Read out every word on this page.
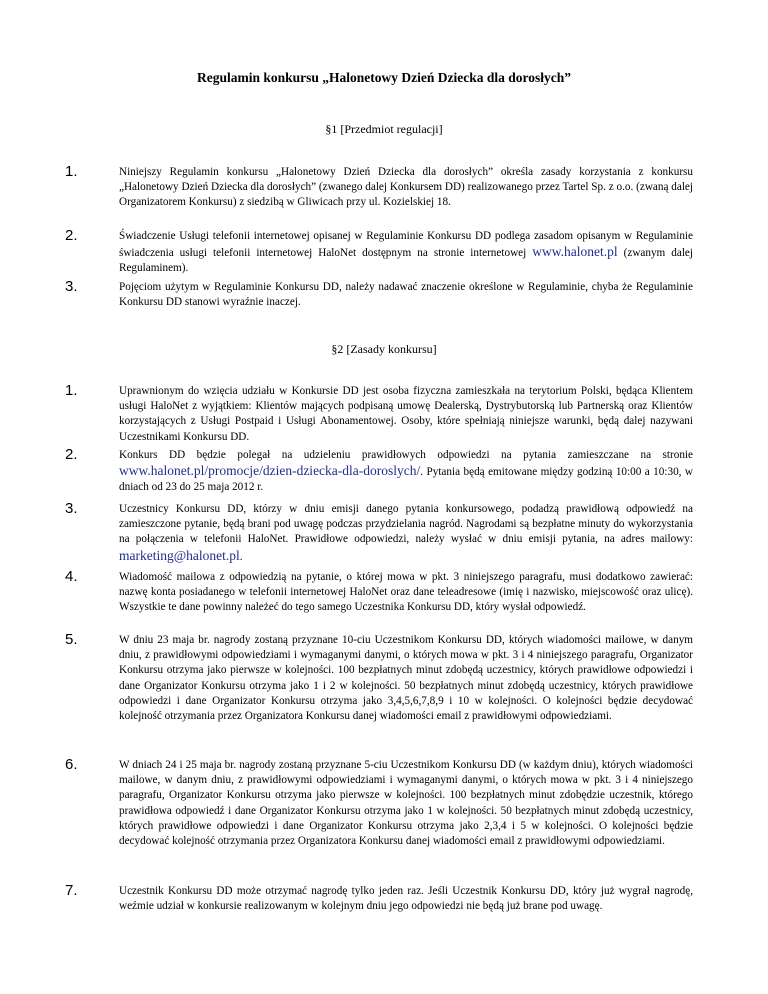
Regulamin konkursu „Halonetowy Dzień Dziecka dla dorosłych”
§1 [Przedmiot regulacji]
1.	Niniejszy Regulamin konkursu „Halonetowy Dzień Dziecka dla dorosłych” określa zasady korzystania z konkursu „Halonetowy Dzień Dziecka dla dorosłych” (zwanego dalej Konkursem DD) realizowanego przez Tartel Sp. z o.o. (zwaną dalej Organizatorem Konkursu) z siedzibą w Gliwicach przy ul. Kozielskiej 18.
2.	Świadczenie Usługi telefonii internetowej opisanej w Regulaminie Konkursu DD podlega zasadom opisanym w Regulaminie świadczenia usługi telefonii internetowej HaloNet dostępnym na stronie internetowej www.halonet.pl (zwanym dalej Regulaminem).
3.	Pojęciom użytym w Regulaminie Konkursu DD, należy nadawać znaczenie określone w Regulaminie, chyba że Regulaminie Konkursu DD stanowi wyraźnie inaczej.
§2 [Zasady konkursu]
1.	Uprawnionym do wzięcia udziału w Konkursie DD jest osoba fizyczna zamieszkała na terytorium Polski, będąca Klientem usługi HaloNet z wyjątkiem: Klientów mających podpisaną umowę Dealerską, Dystrybutorską lub Partnerską oraz Klientów korzystających z Usługi Postpaid i Usługi Abonamentowej. Osoby, które spełniają niniejsze warunki, będą dalej nazywani Uczestnikami Konkursu DD.
2.	Konkurs DD będzie polegał na udzieleniu prawidłowych odpowiedzi na pytania zamieszczane na stronie www.halonet.pl/promocje/dzien-dziecka-dla-doroslych/. Pytania będą emitowane między godziną 10:00 a 10:30, w dniach od 23 do 25 maja 2012 r.
3.	Uczestnicy Konkursu DD, którzy w dniu emisji danego pytania konkursowego, podadzą prawidłową odpowiedź na zamieszczone pytanie, będą brani pod uwagę podczas przydzielania nagród. Nagrodami są bezpłatne minuty do wykorzystania na połączenia w telefonii HaloNet. Prawidłowe odpowiedzi, należy wysłać w dniu emisji pytania, na adres mailowy: marketing@halonet.pl.
4.	Wiadomość mailowa z odpowiedzią na pytanie, o której mowa w pkt. 3 niniejszego paragrafu, musi dodatkowo zawierać: nazwę konta posiadanego w telefonii internetowej HaloNet oraz dane teleadresowe (imię i nazwisko, miejscowość oraz ulicę). Wszystkie te dane powinny należeć do tego samego Uczestnika Konkursu DD, który wysłał odpowiedź.
5.	W dniu 23 maja br. nagrody zostaną przyznane 10-ciu Uczestnikom Konkursu DD, których wiadomości mailowe, w danym dniu, z prawidłowymi odpowiedziami i wymaganymi danymi, o których mowa w pkt. 3 i 4 niniejszego paragrafu, Organizator Konkursu otrzyma jako pierwsze w kolejności. 100 bezpłatnych minut zdobędą uczestnicy, których prawidłowe odpowiedzi i dane Organizator Konkursu otrzyma jako 1 i 2 w kolejności. 50 bezpłatnych minut zdobędą uczestnicy, których prawidłowe odpowiedzi i dane Organizator Konkursu otrzyma jako 3,4,5,6,7,8,9 i 10 w kolejności. O kolejności będzie decydować kolejność otrzymania przez Organizatora Konkursu danej wiadomości email z prawidłowymi odpowiedziami.
6.	W dniach 24 i 25 maja br. nagrody zostaną przyznane 5-ciu Uczestnikom Konkursu DD (w każdym dniu), których wiadomości mailowe, w danym dniu, z prawidłowymi odpowiedziami i wymaganymi danymi, o których mowa w pkt. 3 i 4 niniejszego paragrafu, Organizator Konkursu otrzyma jako pierwsze w kolejności. 100 bezpłatnych minut zdobędzie uczestnik, którego prawidłowa odpowiedź i dane Organizator Konkursu otrzyma jako 1 w kolejności. 50 bezpłatnych minut zdobędą uczestnicy, których prawidłowe odpowiedzi i dane Organizator Konkursu otrzyma jako 2,3,4 i 5 w kolejności. O kolejności będzie decydować kolejność otrzymania przez Organizatora Konkursu danej wiadomości email z prawidłowymi odpowiedziami.
7.	Uczestnik Konkursu DD może otrzymać nagrodę tylko jeden raz. Jeśli Uczestnik Konkursu DD, który już wygrał nagrodę, weźmie udział w konkursie realizowanym w kolejnym dniu jego odpowiedzi nie będą już brane pod uwagę.
